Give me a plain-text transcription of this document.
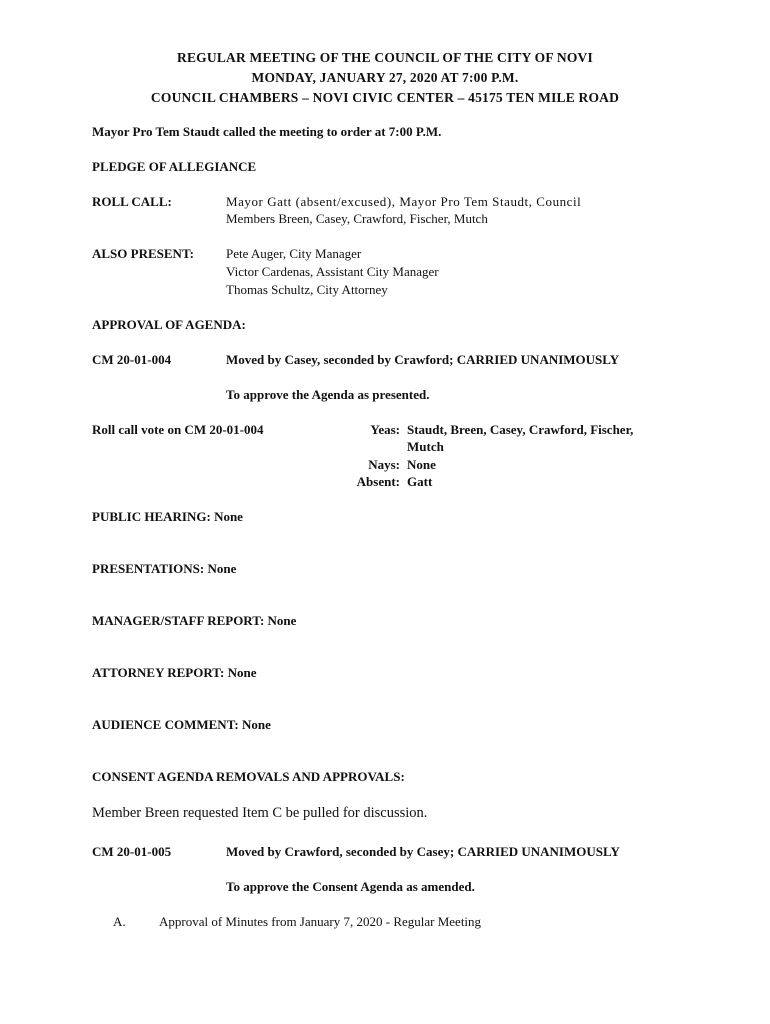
REGULAR MEETING OF THE COUNCIL OF THE CITY OF NOVI
MONDAY, JANUARY 27, 2020 AT 7:00 P.M.
COUNCIL CHAMBERS – NOVI CIVIC CENTER – 45175 TEN MILE ROAD
Mayor Pro Tem Staudt called the meeting to order at 7:00 P.M.
PLEDGE OF ALLEGIANCE
ROLL CALL:	Mayor Gatt (absent/excused), Mayor Pro Tem Staudt, Council
Members Breen, Casey, Crawford, Fischer, Mutch
ALSO PRESENT: Pete Auger, City Manager
Victor Cardenas, Assistant City Manager
Thomas Schultz, City Attorney
APPROVAL OF AGENDA:
CM 20-01-004	Moved by Casey, seconded by Crawford; CARRIED UNANIMOUSLY
To approve the Agenda as presented.
Roll call vote on CM 20-01-004	Yeas: Staudt, Breen, Casey, Crawford, Fischer,
Mutch
Nays: None
Absent: Gatt
PUBLIC HEARING: None
PRESENTATIONS: None
MANAGER/STAFF REPORT: None
ATTORNEY REPORT: None
AUDIENCE COMMENT: None
CONSENT AGENDA REMOVALS AND APPROVALS:
Member Breen requested Item C be pulled for discussion.
CM 20-01-005	Moved by Crawford, seconded by Casey; CARRIED UNANIMOUSLY
To approve the Consent Agenda as amended.
A.	Approval of Minutes from January 7, 2020 - Regular Meeting
